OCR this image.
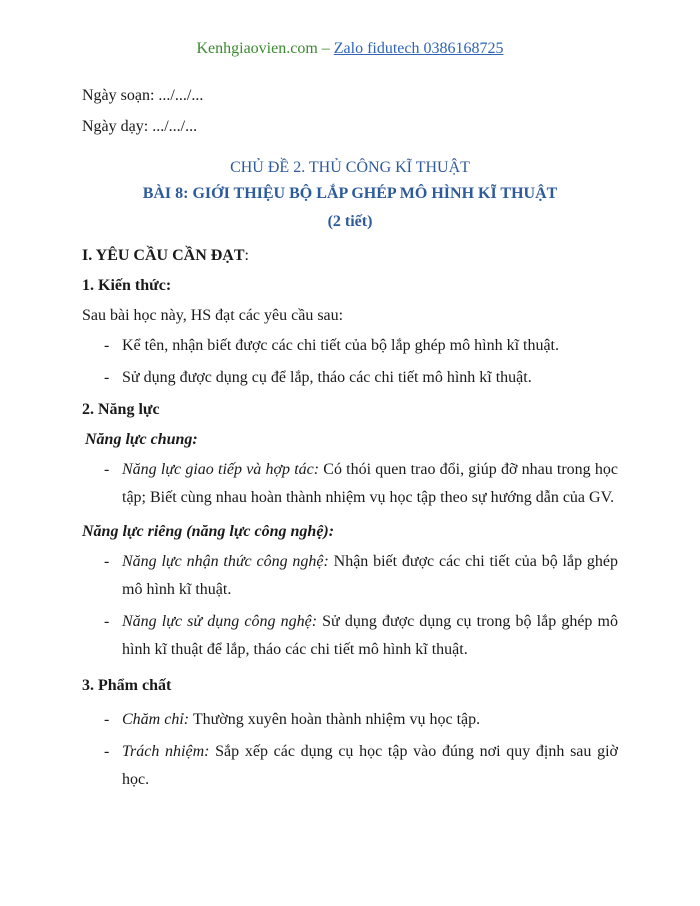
Kenhgiaovien.com – Zalo fidutech 0386168725

Ngày soạn: .../.../...

Ngày dạy: .../.../...

CHỦ ĐỀ 2. THỦ CÔNG KĨ THUẬT

BÀI 8: GIỚI THIỆU BỘ LẮP GHÉP MÔ HÌNH KĨ THUẬT

(2 tiết)

I. YÊU CẦU CẦN ĐẠT:

1. Kiến thức:

Sau bài học này, HS đạt các yêu cầu sau:

- Kể tên, nhận biết được các chi tiết của bộ lắp ghép mô hình kĩ thuật.
- Sử dụng được dụng cụ để lắp, tháo các chi tiết mô hình kĩ thuật.

2. Năng lực

Năng lực chung:

- Năng lực giao tiếp và hợp tác: Có thói quen trao đổi, giúp đỡ nhau trong học tập; Biết cùng nhau hoàn thành nhiệm vụ học tập theo sự hướng dẫn của GV.

Năng lực riêng (năng lực công nghệ):

- Năng lực nhận thức công nghệ: Nhận biết được các chi tiết của bộ lắp ghép mô hình kĩ thuật.
- Năng lực sử dụng công nghệ: Sử dụng được dụng cụ trong bộ lắp ghép mô hình kĩ thuật để lắp, tháo các chi tiết mô hình kĩ thuật.

3. Phẩm chất

- Chăm chỉ: Thường xuyên hoàn thành nhiệm vụ học tập.
- Trách nhiệm: Sắp xếp các dụng cụ học tập vào đúng nơi quy định sau giờ học.
